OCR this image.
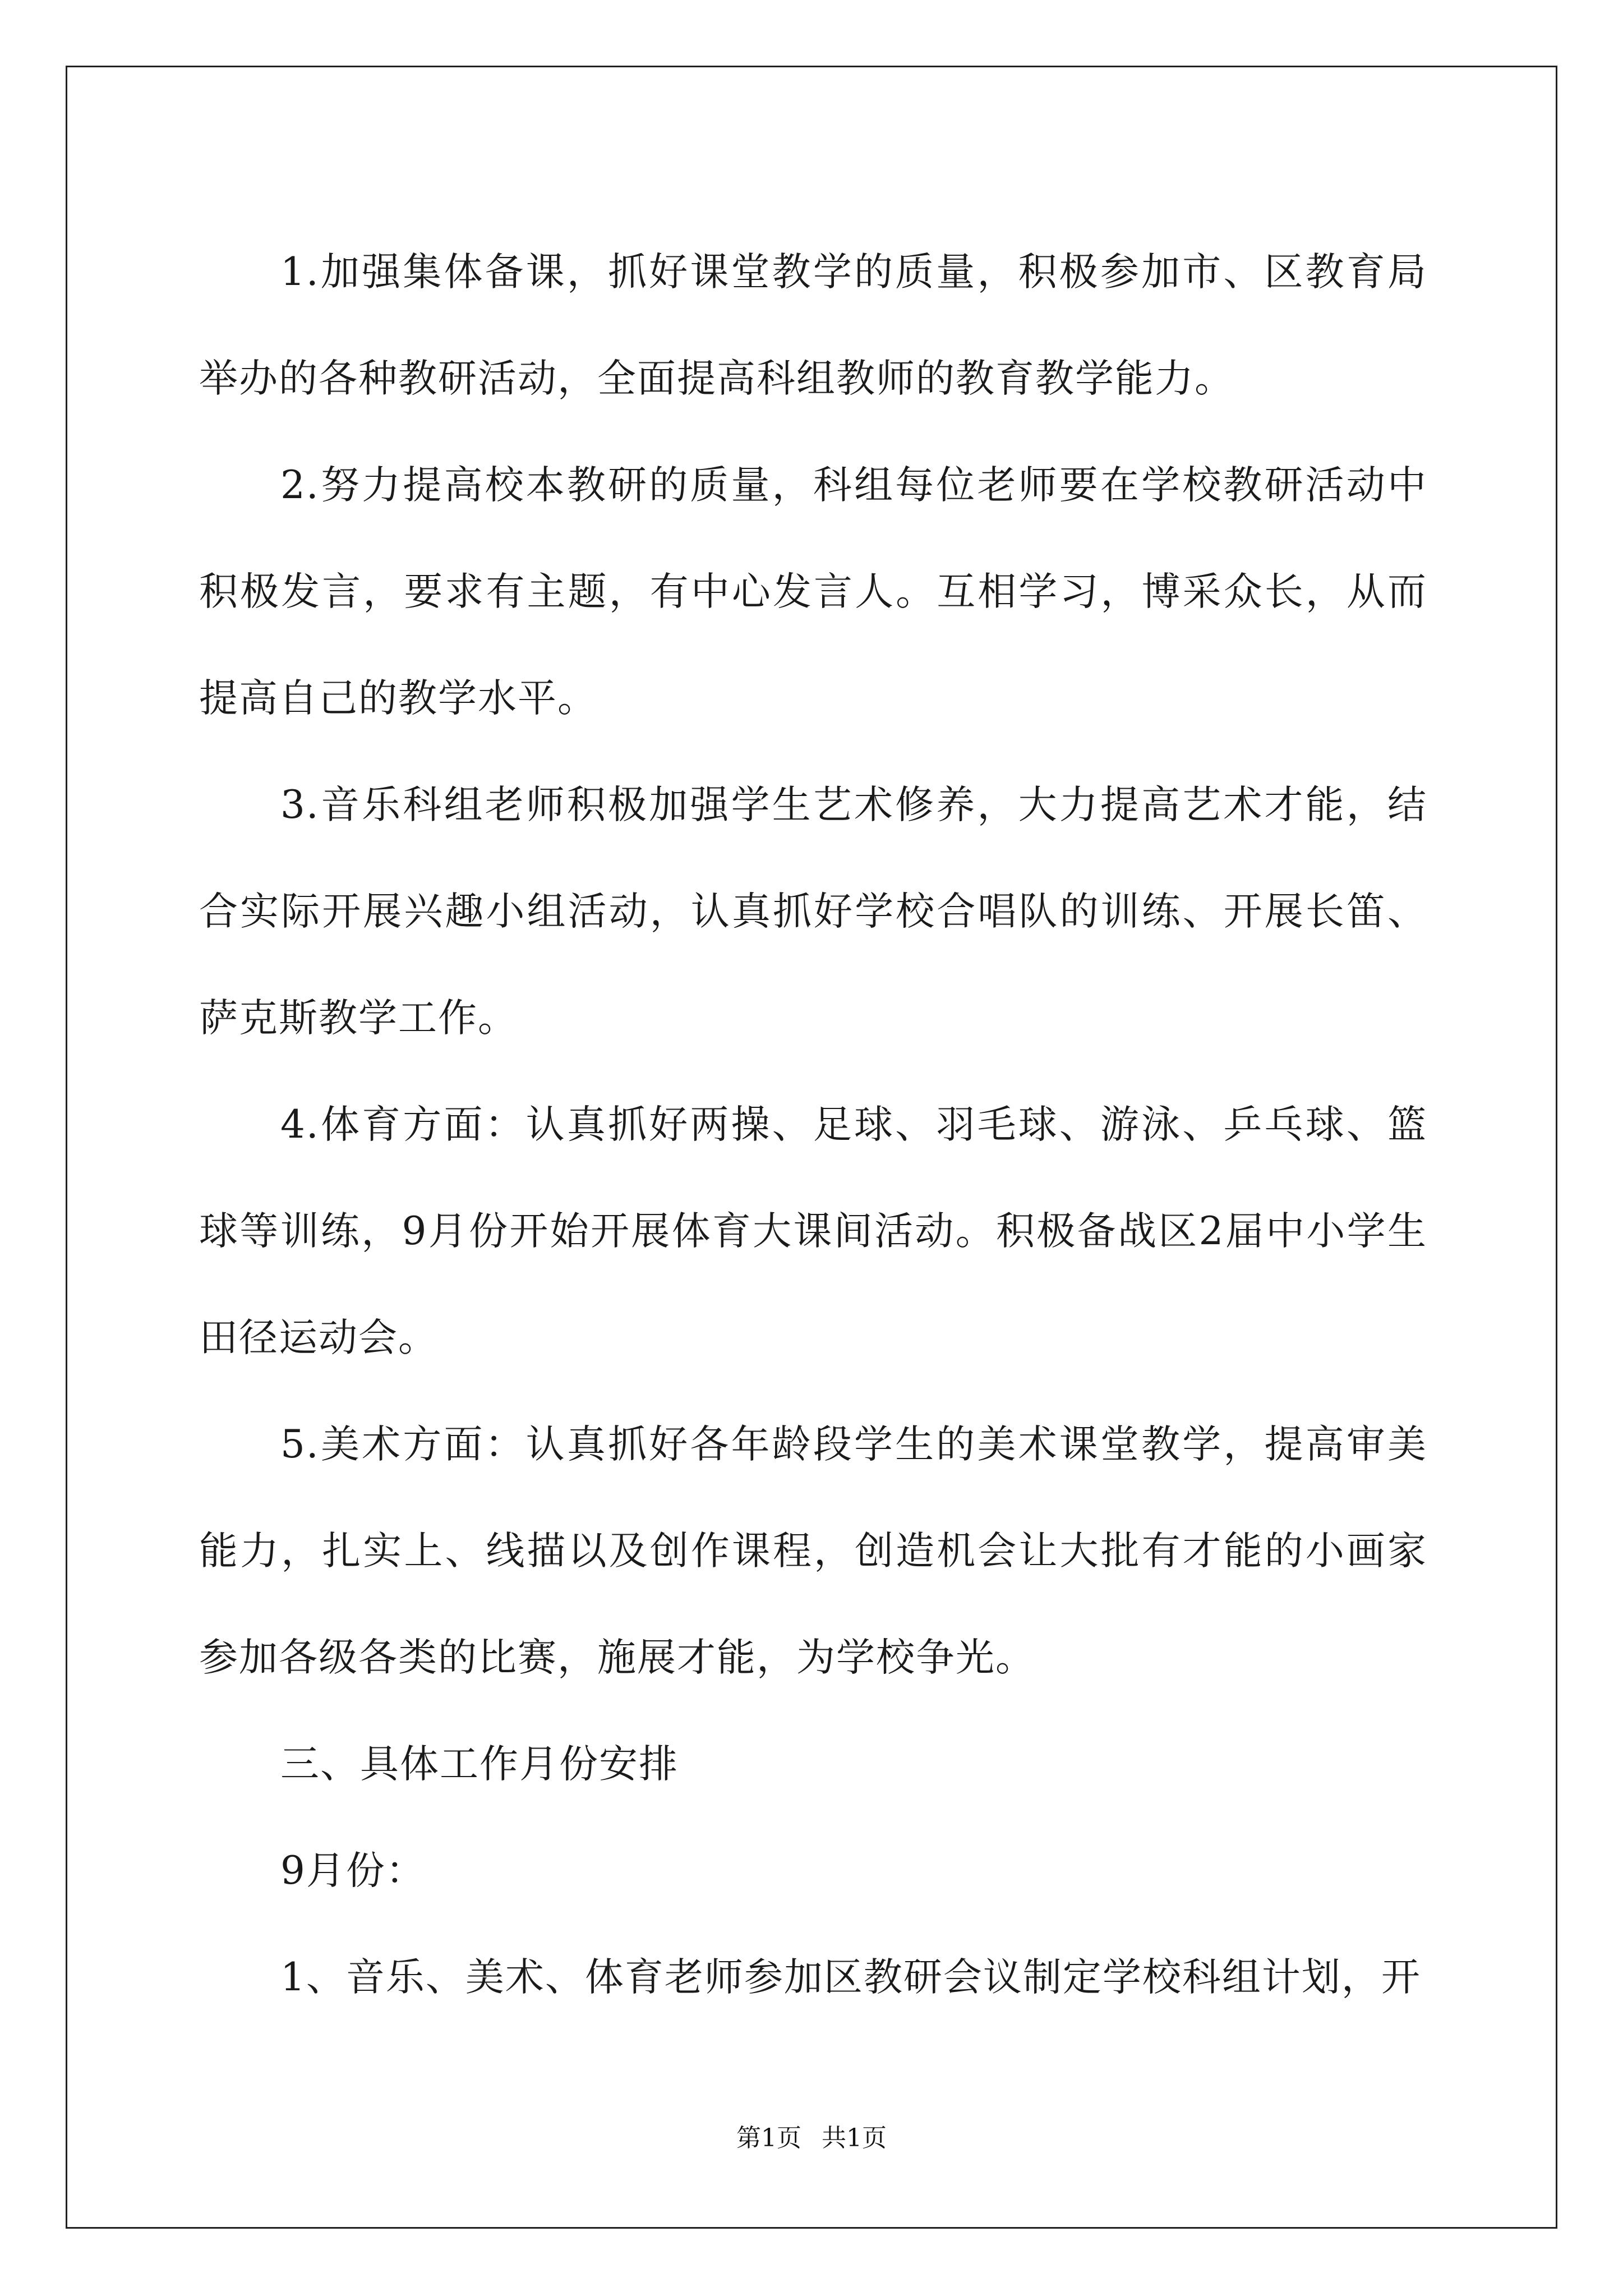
1.加强集体备课，抓好课堂教学的质量，积极参加市、区教育局举办的各种教研活动，全面提高科组教师的教育教学能力。

2.努力提高校本教研的质量，科组每位老师要在学校教研活动中积极发言，要求有主题，有中心发言人。互相学习，博采众长，从而提高自己的教学水平。

3.音乐科组老师积极加强学生艺术修养，大力提高艺术才能，结合实际开展兴趣小组活动，认真抓好学校合唱队的训练、开展长笛、萨克斯教学工作。

4.体育方面：认真抓好两操、足球、羽毛球、游泳、乒乓球、篮球等训练，9月份开始开展体育大课间活动。积极备战区2届中小学生田径运动会。

5.美术方面：认真抓好各年龄段学生的美术课堂教学，提高审美能力，扎实上、线描以及创作课程，创造机会让大批有才能的小画家参加各级各类的比赛，施展才能，为学校争光。

三、具体工作月份安排

9月份：

1、音乐、美术、体育老师参加区教研会议制定学校科组计划，开

第1页 共1页
